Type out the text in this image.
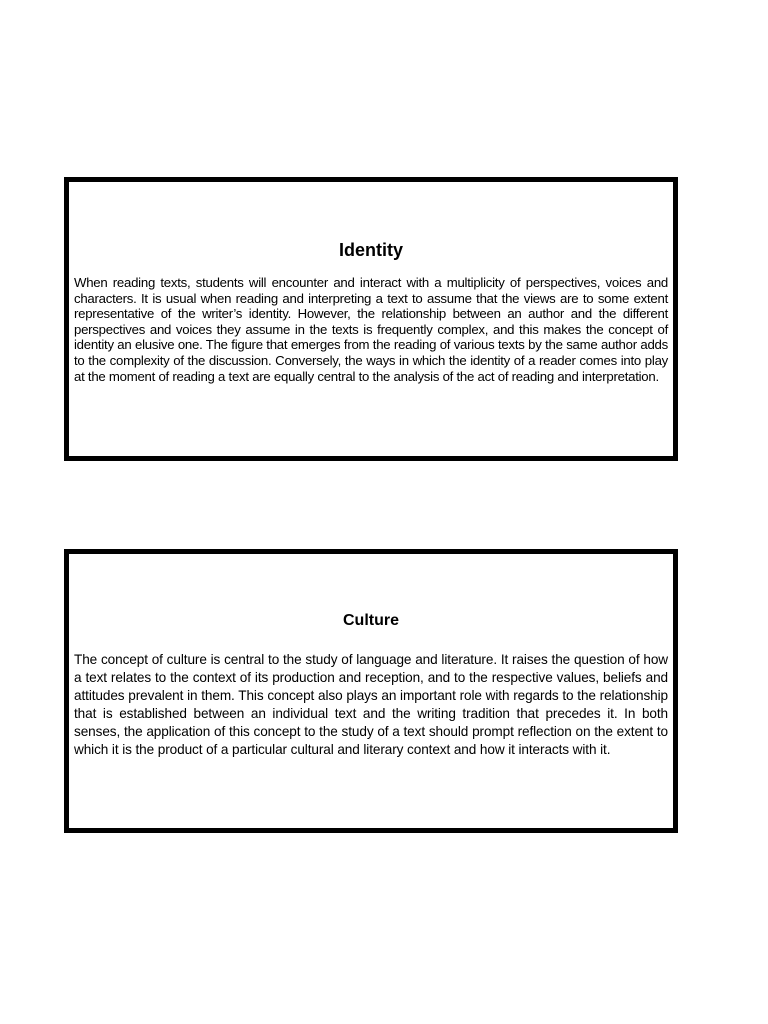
Identity

When reading texts, students will encounter and interact with a multiplicity of perspectives, voices and characters. It is usual when reading and interpreting a text to assume that the views are to some extent representative of the writer’s identity. However, the relationship between an author and the different perspectives and voices they assume in the texts is frequently complex, and this makes the concept of identity an elusive one. The figure that emerges from the reading of various texts by the same author adds to the complexity of the discussion. Conversely, the ways in which the identity of a reader comes into play at the moment of reading a text are equally central to the analysis of the act of reading and interpretation.

Culture

The concept of culture is central to the study of language and literature. It raises the question of how a text relates to the context of its production and reception, and to the respective values, beliefs and attitudes prevalent in them. This concept also plays an important role with regards to the relationship that is established between an individual text and the writing tradition that precedes it. In both senses, the application of this concept to the study of a text should prompt reflection on the extent to which it is the product of a particular cultural and literary context and how it interacts with it.
